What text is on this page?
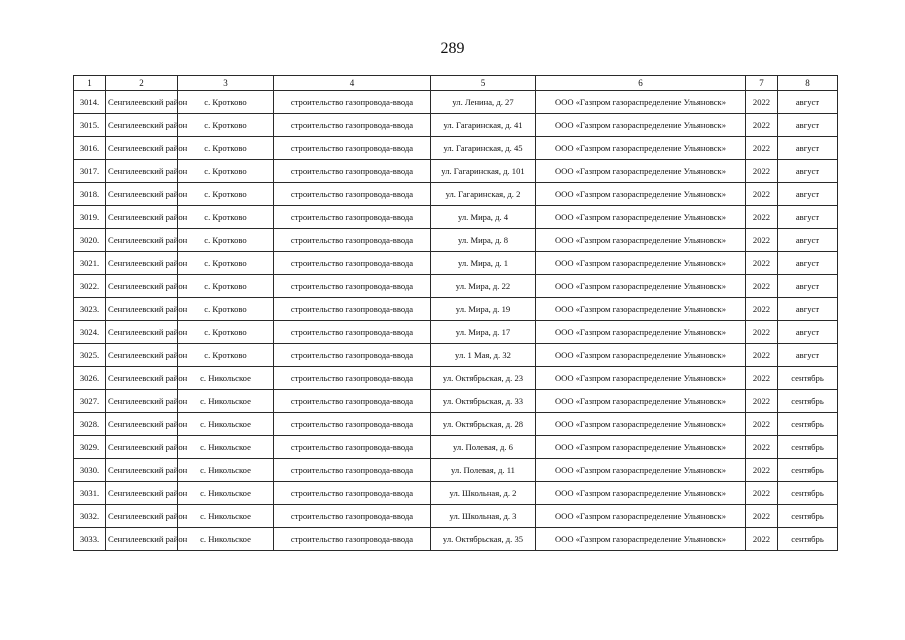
289
1	2	3	4	5	6	7	8
3014.	Сенгилеевский район	с. Кротково	строительство газопровода-ввода	ул. Ленина, д. 27	ООО «Газпром газораспределение Ульяновск»	2022	август
3015.	Сенгилеевский район	с. Кротково	строительство газопровода-ввода	ул. Гагаринская, д. 41	ООО «Газпром газораспределение Ульяновск»	2022	август
3016.	Сенгилеевский район	с. Кротково	строительство газопровода-ввода	ул. Гагаринская, д. 45	ООО «Газпром газораспределение Ульяновск»	2022	август
3017.	Сенгилеевский район	с. Кротково	строительство газопровода-ввода	ул. Гагаринская, д. 101	ООО «Газпром газораспределение Ульяновск»	2022	август
3018.	Сенгилеевский район	с. Кротково	строительство газопровода-ввода	ул. Гагаринская, д. 2	ООО «Газпром газораспределение Ульяновск»	2022	август
3019.	Сенгилеевский район	с. Кротково	строительство газопровода-ввода	ул. Мира, д. 4	ООО «Газпром газораспределение Ульяновск»	2022	август
3020.	Сенгилеевский район	с. Кротково	строительство газопровода-ввода	ул. Мира, д. 8	ООО «Газпром газораспределение Ульяновск»	2022	август
3021.	Сенгилеевский район	с. Кротково	строительство газопровода-ввода	ул. Мира, д. 1	ООО «Газпром газораспределение Ульяновск»	2022	август
3022.	Сенгилеевский район	с. Кротково	строительство газопровода-ввода	ул. Мира, д. 22	ООО «Газпром газораспределение Ульяновск»	2022	август
3023.	Сенгилеевский район	с. Кротково	строительство газопровода-ввода	ул. Мира, д. 19	ООО «Газпром газораспределение Ульяновск»	2022	август
3024.	Сенгилеевский район	с. Кротково	строительство газопровода-ввода	ул. Мира, д. 17	ООО «Газпром газораспределение Ульяновск»	2022	август
3025.	Сенгилеевский район	с. Кротково	строительство газопровода-ввода	ул. 1 Мая, д. 32	ООО «Газпром газораспределение Ульяновск»	2022	август
3026.	Сенгилеевский район	с. Никольское	строительство газопровода-ввода	ул. Октябрьская, д. 23	ООО «Газпром газораспределение Ульяновск»	2022	сентябрь
3027.	Сенгилеевский район	с. Никольское	строительство газопровода-ввода	ул. Октябрьская, д. 33	ООО «Газпром газораспределение Ульяновск»	2022	сентябрь
3028.	Сенгилеевский район	с. Никольское	строительство газопровода-ввода	ул. Октябрьская, д. 28	ООО «Газпром газораспределение Ульяновск»	2022	сентябрь
3029.	Сенгилеевский район	с. Никольское	строительство газопровода-ввода	ул. Полевая, д. 6	ООО «Газпром газораспределение Ульяновск»	2022	сентябрь
3030.	Сенгилеевский район	с. Никольское	строительство газопровода-ввода	ул. Полевая, д. 11	ООО «Газпром газораспределение Ульяновск»	2022	сентябрь
3031.	Сенгилеевский район	с. Никольское	строительство газопровода-ввода	ул. Школьная, д. 2	ООО «Газпром газораспределение Ульяновск»	2022	сентябрь
3032.	Сенгилеевский район	с. Никольское	строительство газопровода-ввода	ул. Школьная, д. 3	ООО «Газпром газораспределение Ульяновск»	2022	сентябрь
3033.	Сенгилеевский район	с. Никольское	строительство газопровода-ввода	ул. Октябрьская, д. 35	ООО «Газпром газораспределение Ульяновск»	2022	сентябрь
